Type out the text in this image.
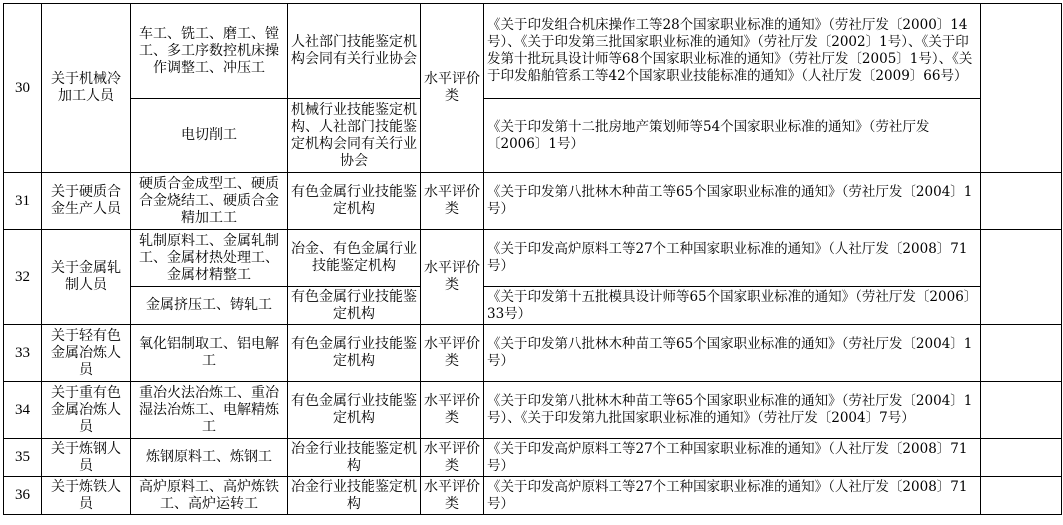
30	关于机械冷加工人员	车工、铣工、磨工、镗工、多工序数控机床操作调整工、冲压工	人社部门技能鉴定机构会同有关行业协会	水平评价类	《关于印发组合机床操作工等28个国家职业标准的通知》（劳社厅发〔2000〕14号）、《关于印发第三批国家职业标准的通知》（劳社厅发〔2002〕1号）、《关于印发第十批玩具设计师等68个国家职业标准的通知》（劳社厅发〔2005〕1号）、《关于印发船舶管系工等42个国家职业技能标准的通知》（人社厅发〔2009〕66号）	
		电切削工	机械行业技能鉴定机构、人社部门技能鉴定机构会同有关行业协会		《关于印发第十二批房地产策划师等54个国家职业标准的通知》（劳社厅发〔2006〕1号）	
31	关于硬质合金生产人员	硬质合金成型工、硬质合金烧结工、硬质合金精加工工	有色金属行业技能鉴定机构	水平评价类	《关于印发第八批林木种苗工等65个国家职业标准的通知》（劳社厅发〔2004〕1号）	
32	关于金属轧制人员	轧制原料工、金属轧制工、金属材热处理工、金属材精整工	冶金、有色金属行业技能鉴定机构	水平评价类	《关于印发高炉原料工等27个工种国家职业标准的通知》（人社厅发〔2008〕71号）	
		金属挤压工、铸轧工	有色金属行业技能鉴定机构		《关于印发第十五批模具设计师等65个国家职业标准的通知》（劳社厅发〔2006〕33号）	
33	关于轻有色金属冶炼人员	氧化铝制取工、铝电解工	有色金属行业技能鉴定机构	水平评价类	《关于印发第八批林木种苗工等65个国家职业标准的通知》（劳社厅发〔2004〕1号）	
34	关于重有色金属冶炼人员	重冶火法冶炼工、重冶湿法冶炼工、电解精炼工	有色金属行业技能鉴定机构	水平评价类	《关于印发第八批林木种苗工等65个国家职业标准的通知》（劳社厅发〔2004〕1号）、《关于印发第九批国家职业标准的通知》（劳社厅发〔2004〕7号）	
35	关于炼钢人员	炼钢原料工、炼钢工	冶金行业技能鉴定机构	水平评价类	《关于印发高炉原料工等27个工种国家职业标准的通知》（人社厅发〔2008〕71号）	
36	关于炼铁人员	高炉原料工、高炉炼铁工、高炉运转工	冶金行业技能鉴定机构	水平评价类	《关于印发高炉原料工等27个工种国家职业标准的通知》（人社厅发〔2008〕71号）	
